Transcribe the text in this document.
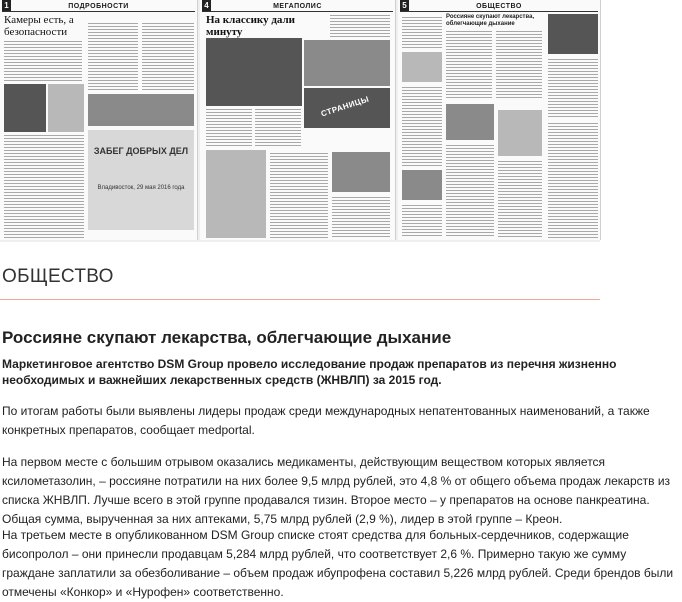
1	ПОДРОБНОСТИ
Камеры есть, а безопасности

ЗАБЕГ ДОБРЫХ ДЕЛ
Владивосток, 29 мая 2016 года
4	МЕГАПОЛИС
На классику дали минуту
СТРАНИЦЫ
5	ОБЩЕСТВО
Россияне скупают лекарства, облегчающие дыхание
ОБЩЕСТВО
Россияне скупают лекарства, облегчающие дыхание

Маркетинговое агентство DSM Group провело исследование продаж препаратов из перечня жизненно необходимых и важнейших лекарственных средств (ЖНВЛП) за 2015 год.

По итогам работы были выявлены лидеры продаж среди международных непатентованных наименований, а также конкретных препаратов, сообщает medportal.

На первом месте с большим отрывом оказались медикаменты, действующим веществом которых является ксилометазолин, – россияне потратили на них более 9,5 млрд рублей, это 4,8 % от общего объема продаж лекарств из списка ЖНВЛП. Лучше всего в этой группе продавался тизин. Второе место – у препаратов на основе панкреатина. Общая сумма, вырученная за них аптеками, 5,75 млрд рублей (2,9 %), лидер в этой группе – Креон.

На третьем месте в опубликованном DSM Group списке стоят средства для больных-сердечников, содержащие бисопролол – они принесли продавцам 5,284 млрд рублей, что соответствует 2,6 %. Примерно такую же сумму граждане заплатили за обезболивание – объем продаж ибупрофена составил 5,226 млрд рублей. Среди брендов были отмечены «Конкор» и «Нурофен» соответственно.
